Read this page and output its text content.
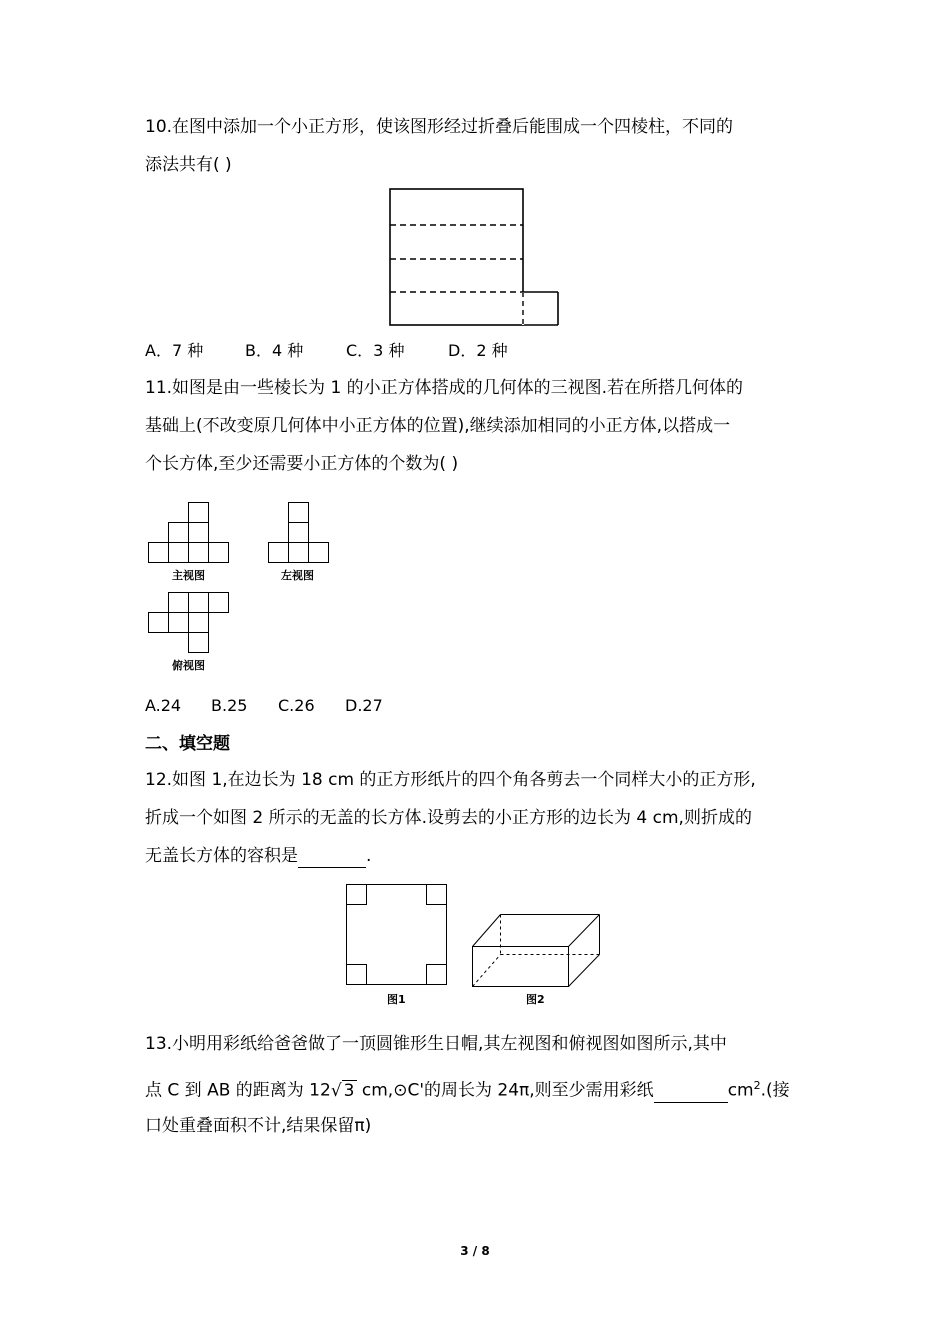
10.在图中添加一个小正方形，使该图形经过折叠后能围成一个四棱柱，不同的
添法共有( )
A．7 种	B．4 种	C．3 种	D．2 种
11.如图是由一些棱长为 1 的小正方体搭成的几何体的三视图.若在所搭几何体的
基础上(不改变原几何体中小正方体的位置),继续添加相同的小正方体,以搭成一
个长方体,至少还需要小正方体的个数为( )
主视图	左视图
俯视图
A.24 B.25 C.26 D.27
二、填空题
12.如图 1,在边长为 18 cm 的正方形纸片的四个角各剪去一个同样大小的正方形,
折成一个如图 2 所示的无盖的长方体.设剪去的小正方形的边长为 4 cm,则折成的
无盖长方体的容积是	.
图1	图2
13.小明用彩纸给爸爸做了一顶圆锥形生日帽,其左视图和俯视图如图所示,其中
点 C 到 AB 的距离为 12√ 3 cm,⊙C'的周长为 24π,则至少需用彩纸	$cm^2$.(接
口处重叠面积不计,结果保留π)
3 / 8
